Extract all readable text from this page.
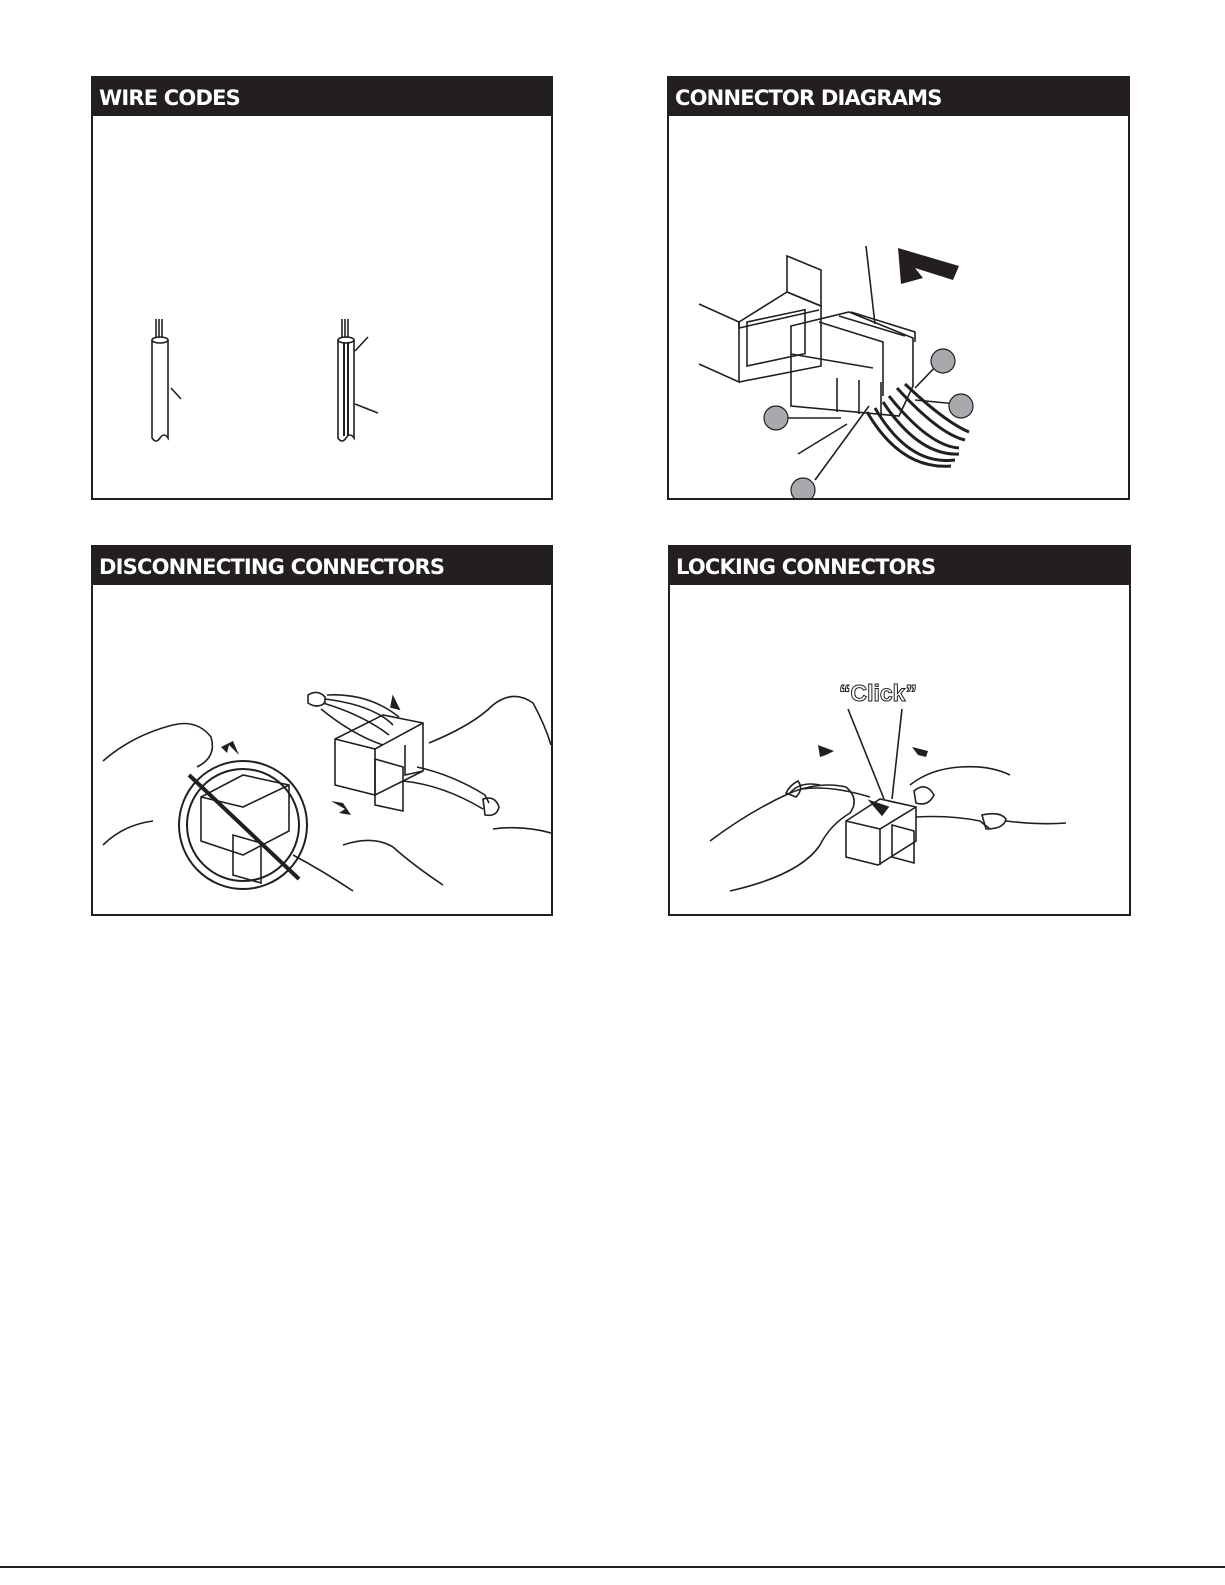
WIRE CODES	CONNECTOR DIAGRAMS
DISCONNECTING CONNECTORS	LOCKING CONNECTORS
“Click”
